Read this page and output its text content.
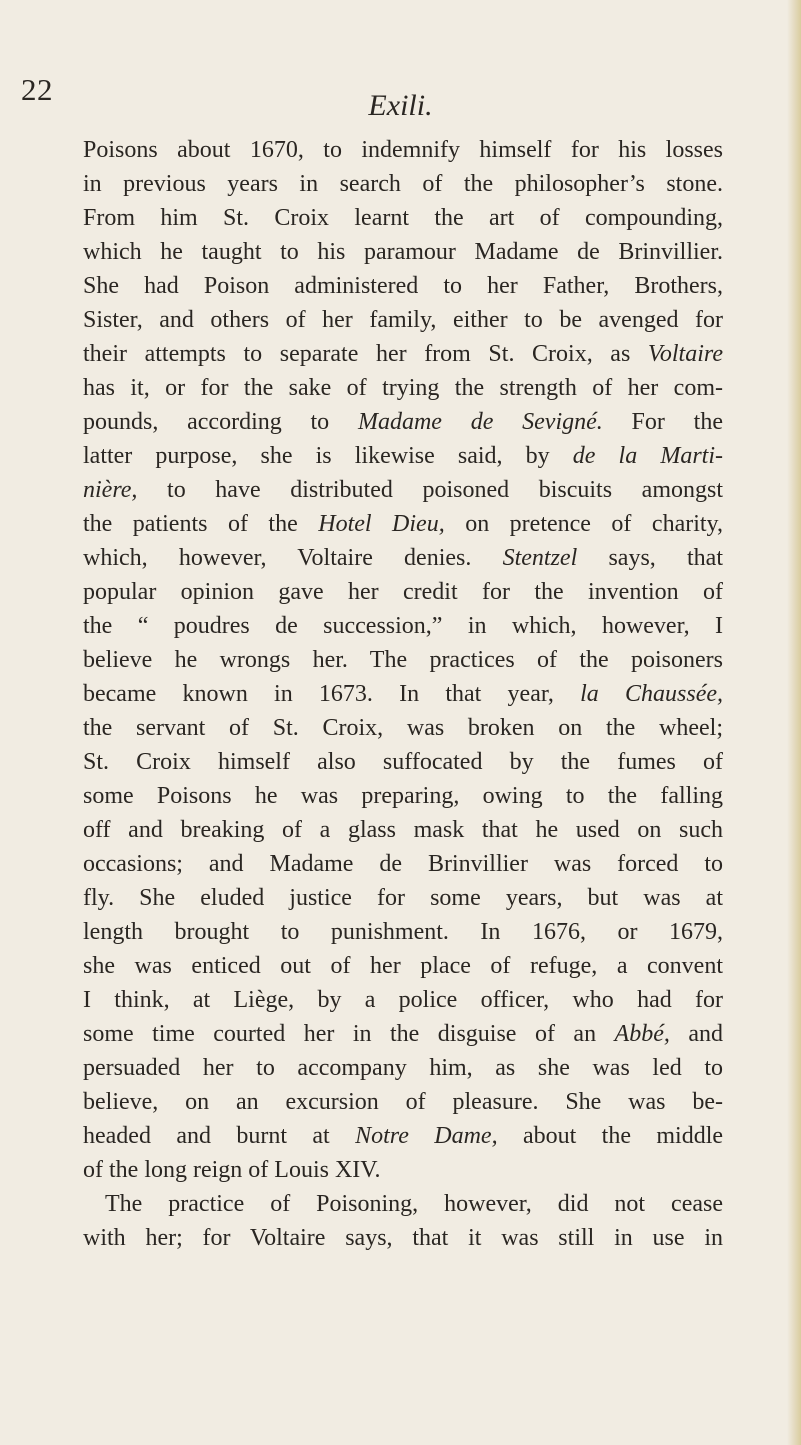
22	Exili.
Poisons about 1670, to indemnify himself for his losses
in previous years in search of the philosopher’s stone.
From him St. Croix learnt the art of compounding,
which he taught to his paramour Madame de Brinvillier.
She had Poison administered to her Father, Brothers,
Sister, and others of her family, either to be avenged for
their attempts to separate her from St. Croix, as Voltaire
has it, or for the sake of trying the strength of her com-
pounds, according to Madame de Sevigné. For the
latter purpose, she is likewise said, by de la Marti-
nière, to have distributed poisoned biscuits amongst
the patients of the Hotel Dieu, on pretence of charity,
which, however, Voltaire denies. Stentzel says, that
popular opinion gave her credit for the invention of
the “ poudres de succession,” in which, however, I
believe he wrongs her. The practices of the poisoners
became known in 1673. In that year, la Chaussée,
the servant of St. Croix, was broken on the wheel;
St. Croix himself also suffocated by the fumes of
some Poisons he was preparing, owing to the falling
off and breaking of a glass mask that he used on such
occasions; and Madame de Brinvillier was forced to
fly. She eluded justice for some years, but was at
length brought to punishment. In 1676, or 1679,
she was enticed out of her place of refuge, a convent
I think, at Liège, by a police officer, who had for
some time courted her in the disguise of an Abbé, and
persuaded her to accompany him, as she was led to
believe, on an excursion of pleasure. She was be-
headed and burnt at Notre Dame, about the middle
of the long reign of Louis XIV.
The practice of Poisoning, however, did not cease
with her; for Voltaire says, that it was still in use in
